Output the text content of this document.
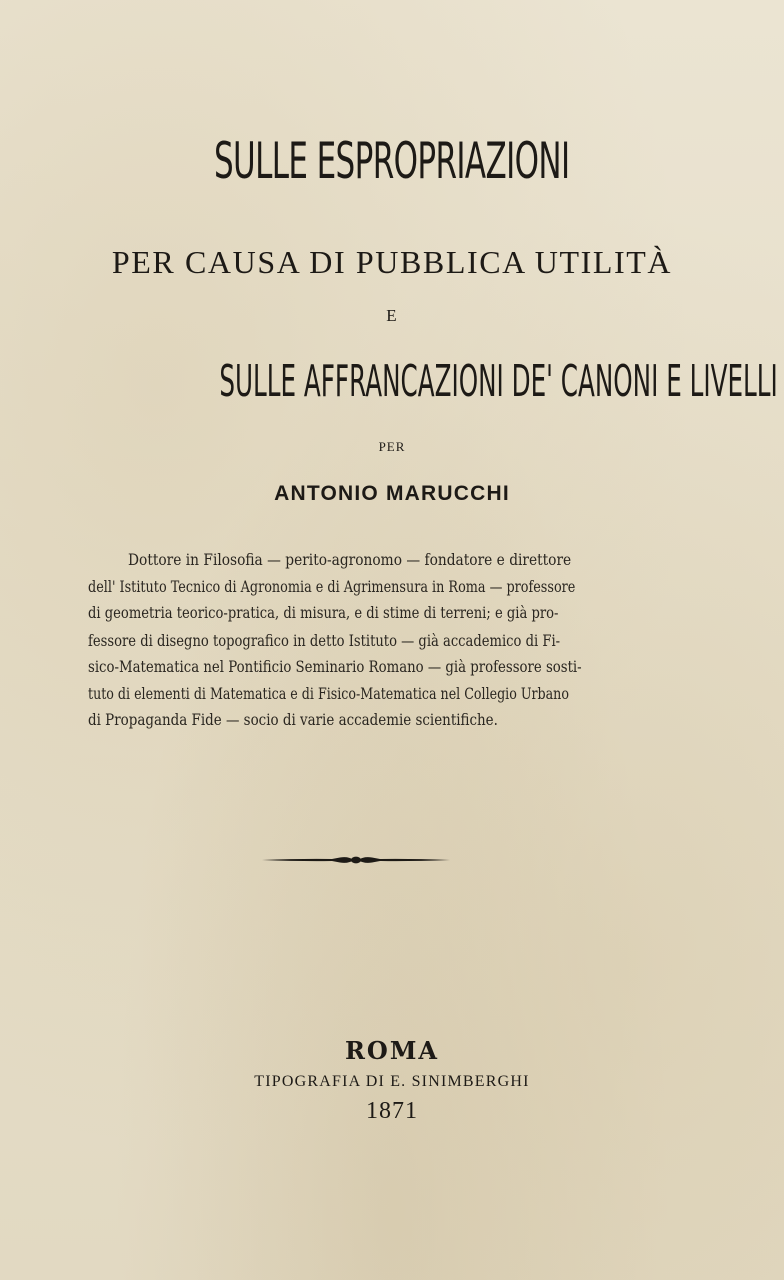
SULLE ESPROPRIAZIONI
PER CAUSA DI PUBBLICA UTILITÀ
E
SULLE AFFRANCAZIONI DE' CANONI E LIVELLI
PER
ANTONIO MARUCCHI
Dottore in Filosofia — perito-agronomo — fondatore e direttore
dell' Istituto Tecnico di Agronomia e di Agrimensura in Roma — professore
di geometria teorico-pratica, di misura, e di stime di terreni; e già pro-
fessore di disegno topografico in detto Istituto — già accademico di Fi-
sico-Matematica nel Pontificio Seminario Romano — già professore sosti-
tuto di elementi di Matematica e di Fisico-Matematica nel Collegio Urbano
di Propaganda Fide — socio di varie accademie scientifiche.
ROMA
TIPOGRAFIA DI E. SINIMBERGHI
1871
